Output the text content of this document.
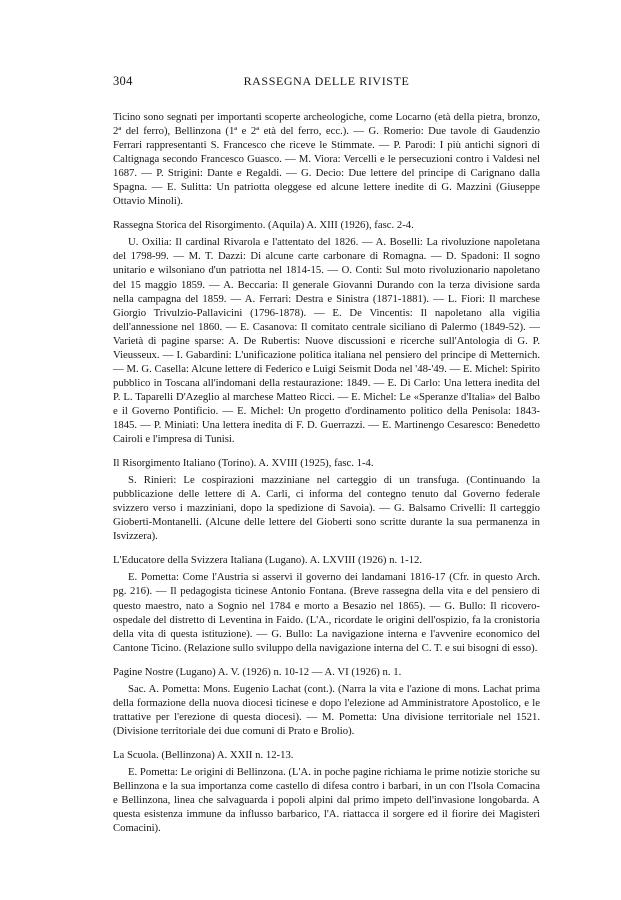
304	RASSEGNA DELLE RIVISTE

Ticino sono segnati per importanti scoperte archeologiche, come Locarno (età della pietra, bronzo, 2ª del ferro), Bellinzona (1ª e 2ª età del ferro, ecc.). — G. Romerio: Due tavole di Gaudenzio Ferrari rappresentanti S. Francesco che riceve le Stimmate. — P. Parodi: I più antichi signori di Caltignaga secondo Francesco Guasco. — M. Viora: Vercelli e le persecuzioni contro i Valdesi nel 1687. — P. Strigini: Dante e Regaldi. — G. Decio: Due lettere del principe di Carignano dalla Spagna. — E. Sulitta: Un patriotta oleggese ed alcune lettere inedite di G. Mazzini (Giuseppe Ottavio Minoli).

Rassegna Storica del Risorgimento. (Aquila) A. XIII (1926), fasc. 2-4.

U. Oxilia: Il cardinal Rivarola e l'attentato del 1826. — A. Boselli: La rivoluzione napoletana del 1798-99. — M. T. Dazzi: Di alcune carte carbonare di Romagna. — D. Spadoni: Il sogno unitario e wilsoniano d'un patriotta nel 1814-15. — O. Conti: Sul moto rivoluzionario napoletano del 15 maggio 1859. — A. Beccaria: Il generale Giovanni Durando con la terza divisione sarda nella campagna del 1859. — A. Ferrari: Destra e Sinistra (1871-1881). — L. Fiori: Il marchese Giorgio Trivulzio-Pallavicini (1796-1878). — E. De Vincentis: Il napoletano alla vigilia dell'annessione nel 1860. — E. Casanova: Il comitato centrale siciliano di Palermo (1849-52). — Varietà di pagine sparse: A. De Rubertis: Nuove discussioni e ricerche sull'Antologia di G. P. Vieusseux. — I. Gabardini: L'unificazione politica italiana nel pensiero del principe di Metternich. — M. G. Casella: Alcune lettere di Federico e Luigi Seismit Doda nel '48-'49. — E. Michel: Spirito pubblico in Toscana all'indomani della restaurazione: 1849. — E. Di Carlo: Una lettera inedita del P. L. Taparelli D'Azeglio al marchese Matteo Ricci. — E. Michel: Le «Speranze d'Italia» del Balbo e il Governo Pontificio. — E. Michel: Un progetto d'ordinamento politico della Penisola: 1843-1845. — P. Miniati: Una lettera inedita di F. D. Guerrazzi. — E. Martinengo Cesaresco: Benedetto Cairoli e l'impresa di Tunisi.

Il Risorgimento Italiano (Torino). A. XVIII (1925), fasc. 1-4.

S. Rinieri: Le cospirazioni mazziniane nel carteggio di un transfuga. (Continuando la pubblicazione delle lettere di A. Carli, ci informa del contegno tenuto dal Governo federale svizzero verso i mazziniani, dopo la spedizione di Savoia). — G. Balsamo Crivelli: Il carteggio Gioberti-Montanelli. (Alcune delle lettere del Gioberti sono scritte durante la sua permanenza in Isvizzera).

L'Educatore della Svizzera Italiana (Lugano). A. LXVIII (1926) n. 1-12.

E. Pometta: Come l'Austria si asservì il governo dei landamani 1816-17 (Cfr. in questo Arch. pg. 216). — Il pedagogista ticinese Antonio Fontana. (Breve rassegna della vita e del pensiero di questo maestro, nato a Sognio nel 1784 e morto a Besazio nel 1865). — G. Bullo: Il ricovero-ospedale del distretto di Leventina in Faido. (L'A., ricordate le origini dell'ospizio, fa la cronistoria della vita di questa istituzione). — G. Bullo: La navigazione interna e l'avvenire economico del Cantone Ticino. (Relazione sullo sviluppo della navigazione interna del C. T. e sui bisogni di esso).

Pagine Nostre (Lugano) A. V. (1926) n. 10-12 — A. VI (1926) n. 1.

Sac. A. Pometta: Mons. Eugenio Lachat (cont.). (Narra la vita e l'azione di mons. Lachat prima della formazione della nuova diocesi ticinese e dopo l'elezione ad Amministratore Apostolico, e le trattative per l'erezione di questa diocesi). — M. Pometta: Una divisione territoriale nel 1521. (Divisione territoriale dei due comuni di Prato e Brolio).

La Scuola. (Bellinzona) A. XXII n. 12-13.

E. Pometta: Le origini di Bellinzona. (L'A. in poche pagine richiama le prime notizie storiche su Bellinzona e la sua importanza come castello di difesa contro i barbari, in un con l'Isola Comacina e Bellinzona, linea che salvaguarda i popoli alpini dal primo impeto dell'invasione longobarda. A questa esistenza immune da influsso barbarico, l'A. riattacca il sorgere ed il fiorire dei Magisteri Comacini).
